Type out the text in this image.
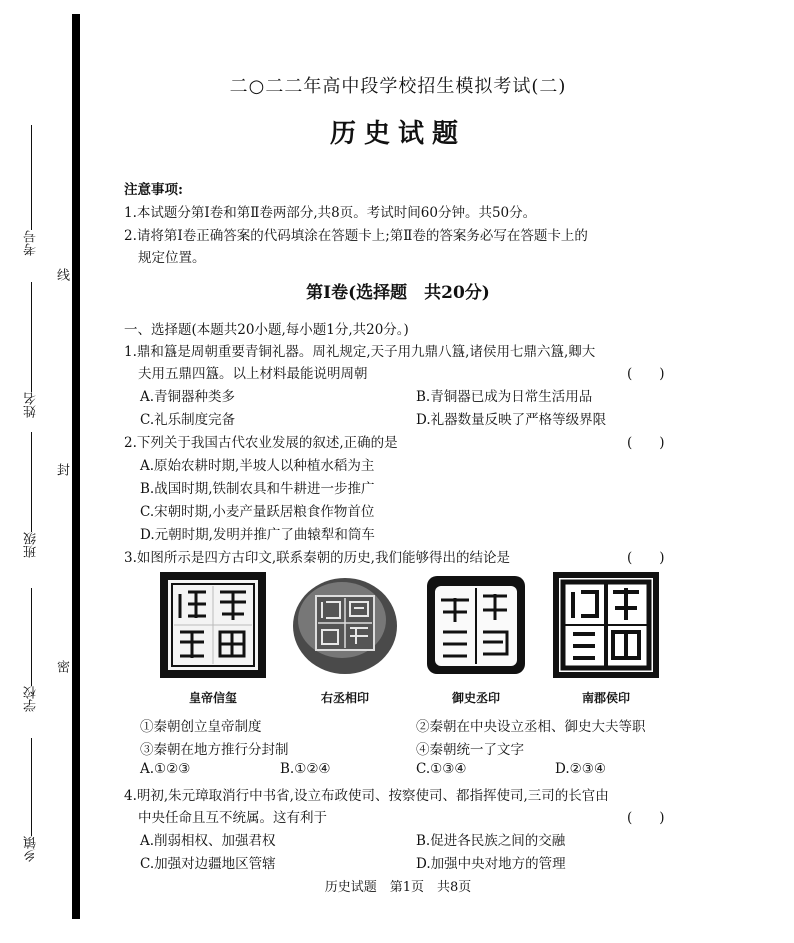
考号
姓名
班级
学校
乡镇
线
封
密
二○二二年高中段学校招生模拟考试(二)
历史试题
注意事项:
1.本试题分第Ⅰ卷和第Ⅱ卷两部分,共8页。考试时间60分钟。共50分。
2.请将第Ⅰ卷正确答案的代码填涂在答题卡上;第Ⅱ卷的答案务必写在答题卡上的
规定位置。
第Ⅰ卷(选择题　共20分)
一、选择题(本题共20小题,每小题1分,共20分。)
1.鼎和簋是周朝重要青铜礼器。周礼规定,天子用九鼎八簋,诸侯用七鼎六簋,卿大
夫用五鼎四簋。以上材料最能说明周朝	(　　)
A.青铜器种类多	B.青铜器已成为日常生活用品
C.礼乐制度完备	D.礼器数量反映了严格等级界限
2.下列关于我国古代农业发展的叙述,正确的是	(　　)
A.原始农耕时期,半坡人以种植水稻为主
B.战国时期,铁制农具和牛耕进一步推广
C.宋朝时期,小麦产量跃居粮食作物首位
D.元朝时期,发明并推广了曲辕犁和筒车
3.如图所示是四方古印文,联系秦朝的历史,我们能够得出的结论是	(　　)
皇帝信玺	右丞相印	御史丞印	南郡侯印
①秦朝创立皇帝制度	②秦朝在中央设立丞相、御史大夫等职
③秦朝在地方推行分封制	④秦朝统一了文字
A.①②③	B.①②④	C.①③④	D.②③④
4.明初,朱元璋取消行中书省,设立布政使司、按察使司、都指挥使司,三司的长官由
中央任命且互不统属。这有利于	(　　)
A.削弱相权、加强君权	B.促进各民族之间的交融
C.加强对边疆地区管辖	D.加强中央对地方的管理
历史试题　第1页　共8页
